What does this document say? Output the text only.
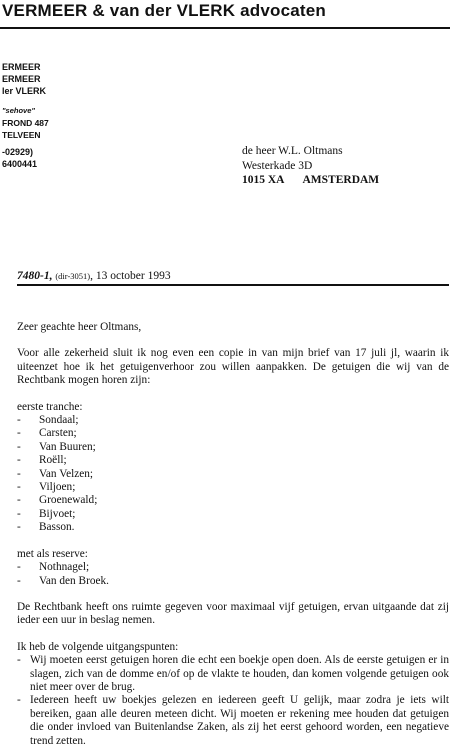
VERMEER & van der VLERK advocaten
ERMEER
ERMEER
ler VLERK
"sehove"
FROND 487
TELVEEN
-02929)
6400441
de heer W.L. Oltmans
Westerkade 3D
1015 XA AMSTERDAM
7480-1, (dir-3051), 13 october 1993

Zeer geachte heer Oltmans,

Voor alle zekerheid sluit ik nog even een copie in van mijn brief van 17 juli jl, waarin ik uiteenzet hoe ik het getuigenverhoor zou willen aanpakken. De getuigen die wij van de Rechtbank mogen horen zijn:

eerste tranche:

- Sondaal;
- Carsten;
- Van Buuren;
- Roëll;
- Van Velzen;
- Viljoen;
- Groenewald;
- Bijvoet;
- Basson.

met als reserve:

- Nothnagel;
- Van den Broek.

De Rechtbank heeft ons ruimte gegeven voor maximaal vijf getuigen, ervan uitgaande dat zij ieder een uur in beslag nemen.

Ik heb de volgende uitgangspunten:

- Wij moeten eerst getuigen horen die echt een boekje open doen. Als de eerste getuigen er in slagen, zich van de domme en/of op de vlakte te houden, dan komen volgende getuigen ook niet meer over de brug.
- Iedereen heeft uw boekjes gelezen en iedereen geeft U gelijk, maar zodra je iets wilt bereiken, gaan alle deuren meteen dicht. Wij moeten er rekening mee houden dat getuigen die onder invloed van Buitenlandse Zaken, als zij het eerst gehoord worden, een negatieve trend zetten.
